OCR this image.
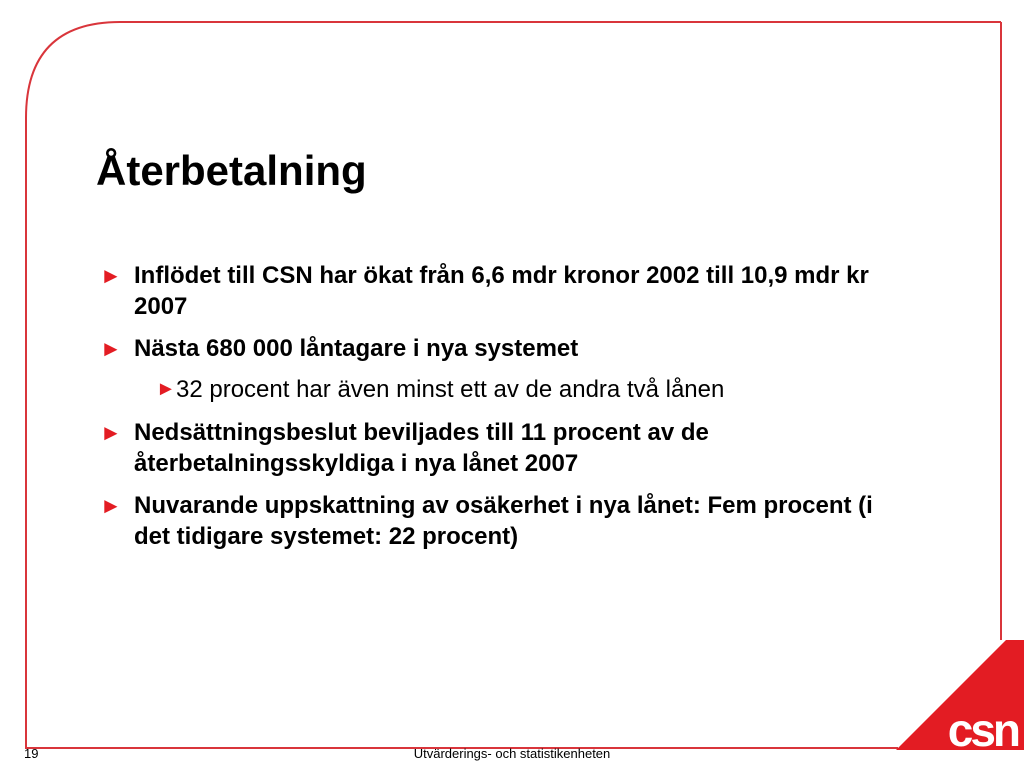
Återbetalning
► Inflödet till CSN har ökat från 6,6 mdr kronor 2002 till 10,9 mdr kr 2007
► Nästa 680 000 låntagare i nya systemet
► 32 procent har även minst ett av de andra två lånen
► Nedsättningsbeslut beviljades till 11 procent av de återbetalningsskyldiga i nya lånet 2007
► Nuvarande uppskattning av osäkerhet i nya lånet: Fem procent (i det tidigare systemet: 22 procent)
19	Utvärderings- och statistikenheten	csn
